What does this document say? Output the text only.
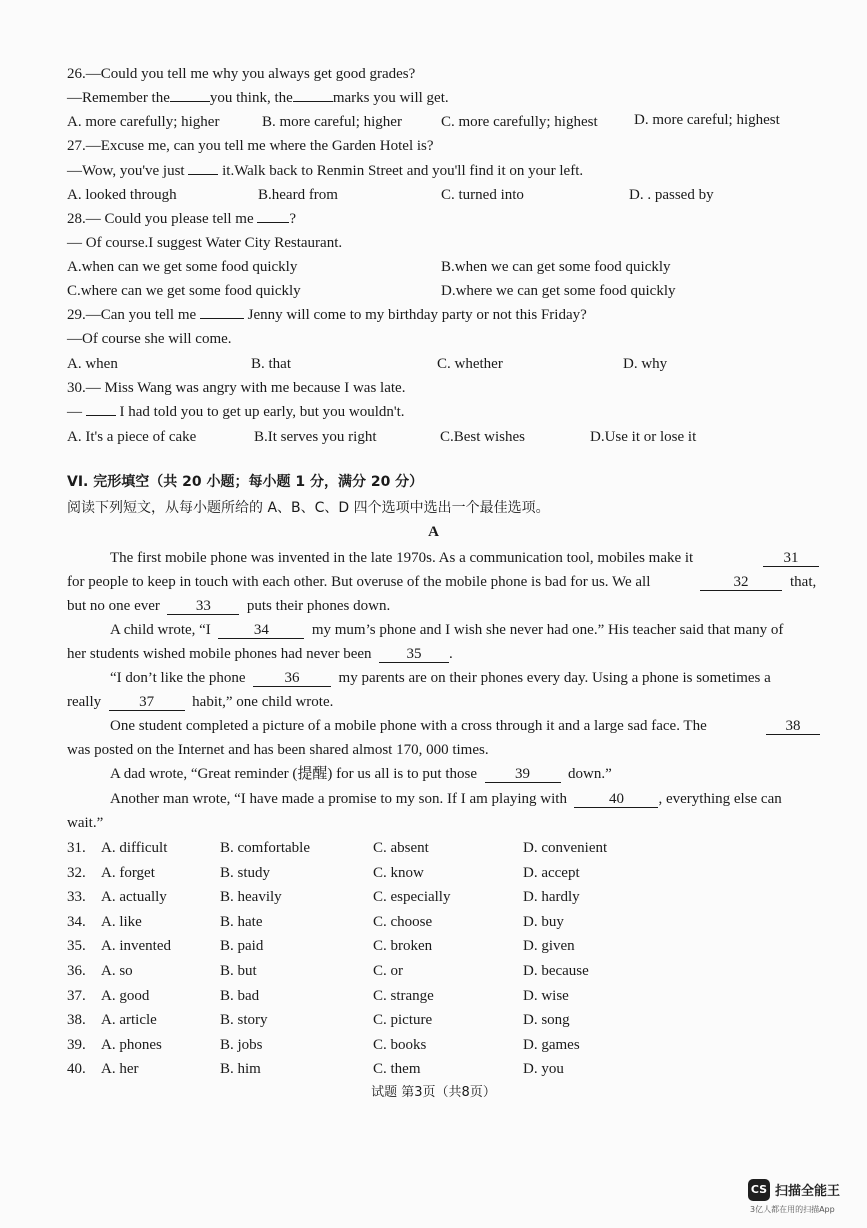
26.—Could you tell me why you always get good grades?
—Remember the	you think, the	marks you will get.
A. more carefully; higher	B. more careful; higher	C. more carefully; highest D. more careful; highest
27.—Excuse me, can you tell me where the Garden Hotel is?
—Wow, you've just	it.Walk back to Renmin Street and you'll find it on your left.
A. looked through	B.heard from	C. turned into	D. . passed by
28.— Could you please tell me ?
— Of course.I suggest Water City Restaurant.
A.when can we get some food quickly	B.when we can get some food quickly
C.where can we get some food quickly	D.where we can get some food quickly
29.—Can you tell me	Jenny will come to my birthday party or not this Friday?
—Of course she will come.
A. when	B. that	C. whether	D. why
30.— Miss Wang was angry with me because I was late.
—	I had told you to get up early, but you wouldn't.
A. It's a piece of cake	B.It serves you right	C.Best wishes	D.Use it or lose it
VI. 完形填空（共 20 小题；每小题 1 分，满分 20 分）
阅读下列短文，从每小题所给的 A、B、C、D 四个选项中选出一个最佳选项。
A
The first mobile phone was invented in the late 1970s. As a communication tool, mobiles make it	31
for people to keep in touch with each other. But overuse of the mobile phone is bad for us. We all	32	that,
but no one ever 33 puts their phones down.
A child wrote, “I	34	my mum’s phone and I wish she never had one.” His teacher said that many of
her students wished mobile phones had never been 35 .
“I don’t like the phone	36	my parents are on their phones every day. Using a phone is sometimes a
really	37	habit,” one child wrote.
One student completed a picture of a mobile phone with a cross through it and a large sad face. The	38
was posted on the Internet and has been shared almost 170, 000 times.
A dad wrote, “Great reminder (提醒) for us all is to put those	39	down.”
Another man wrote, “I have made a promise to my son. If I am playing with	40 , everything else can
wait.”
31. A. difficult	B. comfortable	C. absent	D. convenient
32. A. forget	B. study	C. know	D. accept
33. A. actually	B. heavily	C. especially	D. hardly
34. A. like	B. hate	C. choose	D. buy
35. A. invented	B. paid	C. broken	D. given
36. A. so	B. but	C. or	D. because
37. A. good	B. bad	C. strange	D. wise
38. A. article	B. story	C. picture	D. song
39. A. phones	B. jobs	C. books	D. games
40. A. her	B. him	C. them	D. you
试题 第3页（共8页）
CS 扫描全能王
3亿人都在用的扫描App
